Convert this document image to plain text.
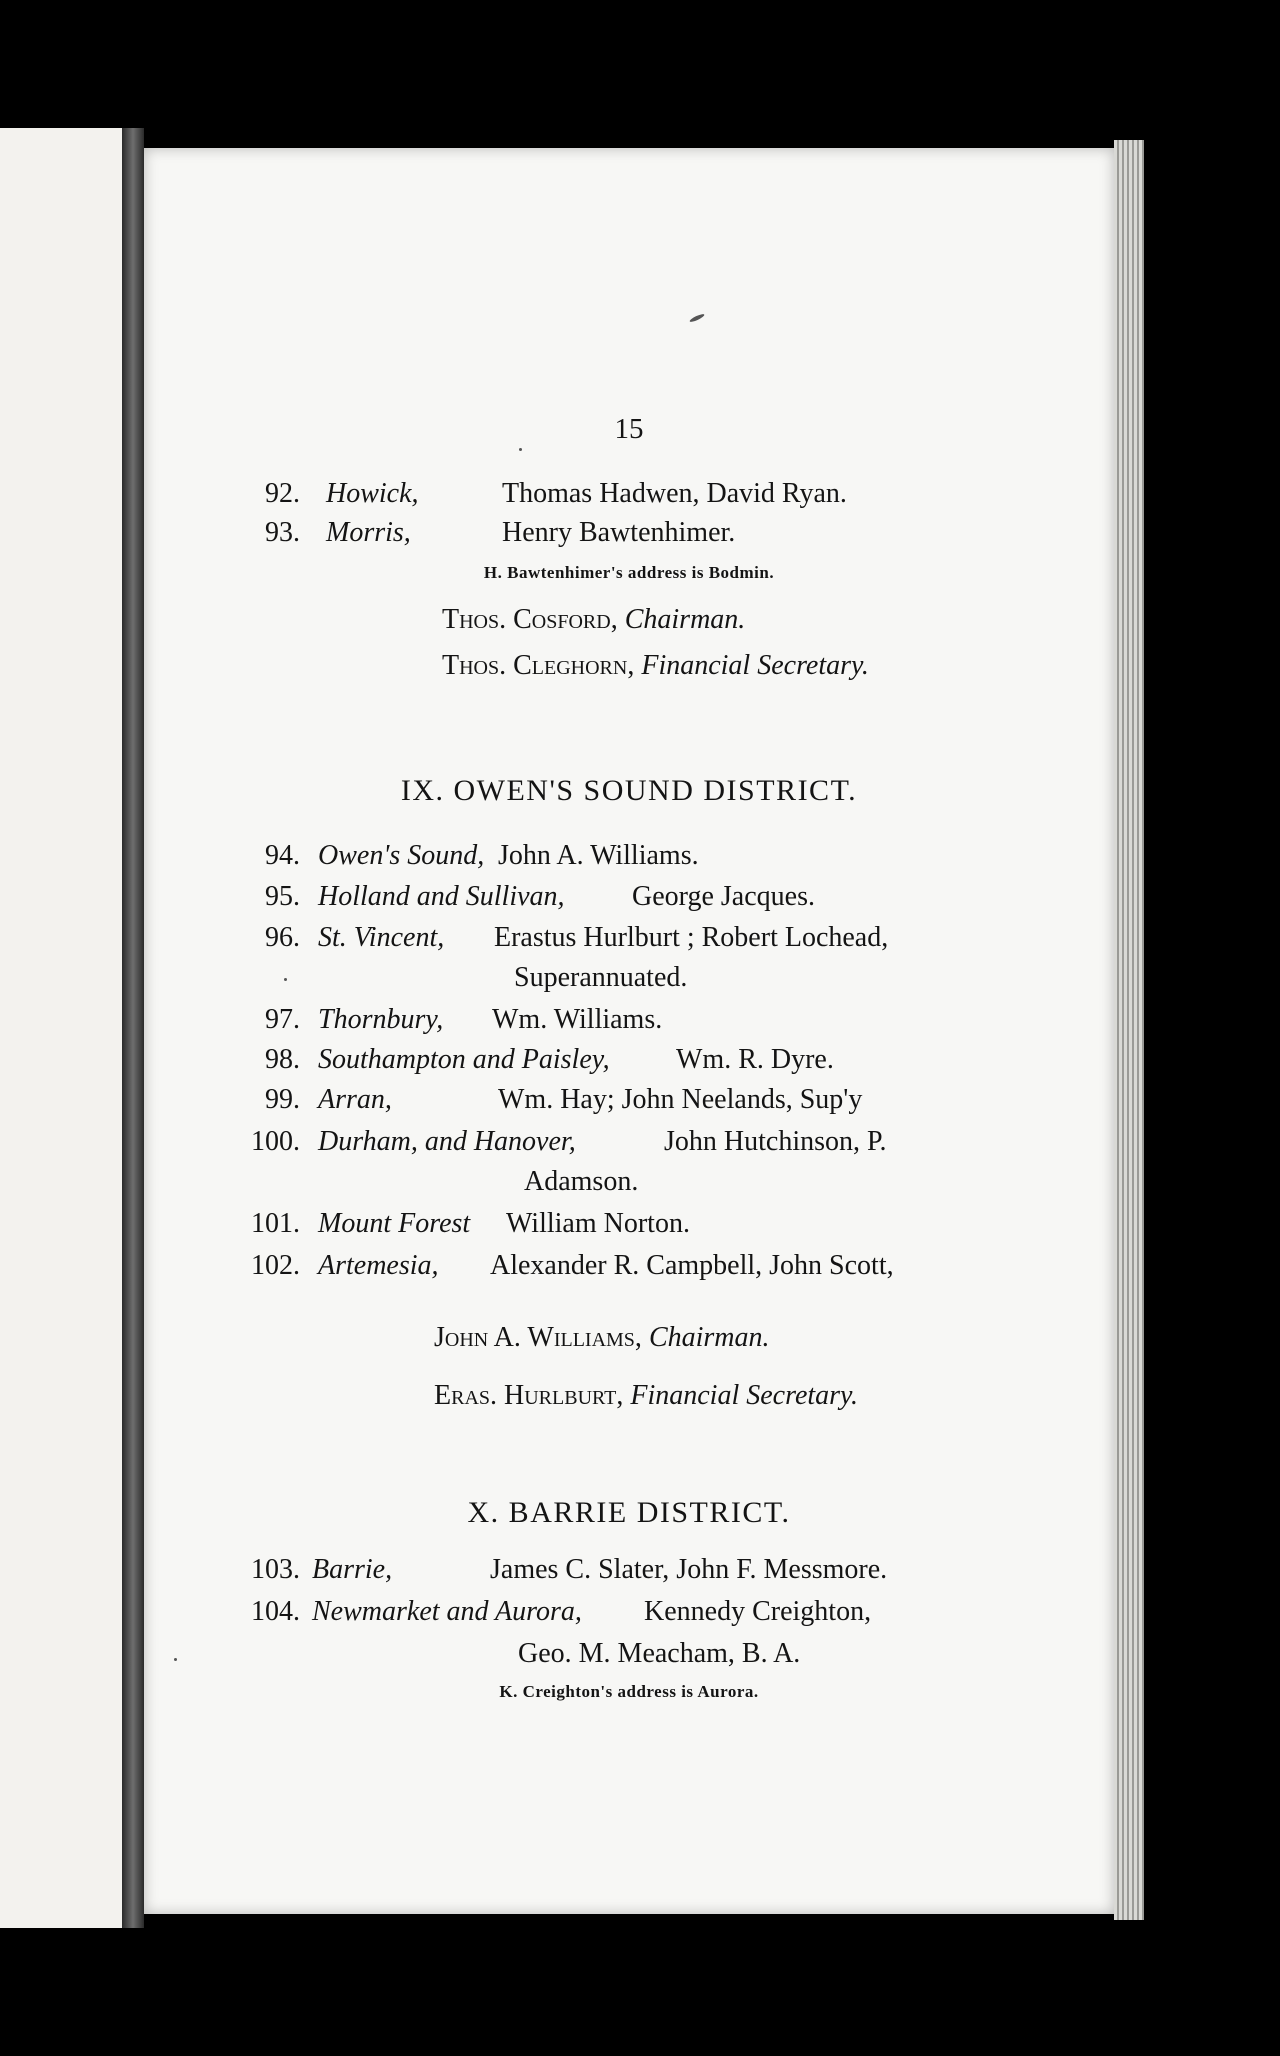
15
92. Howick,	Thomas Hadwen, David Ryan.
93. Morris,	Henry Bawtenhimer.
H. Bawtenhimer's address is Bodmin.
Thos. Cosford, Chairman.
Thos. Cleghorn, Financial Secretary.
IX. OWEN'S SOUND DISTRICT.
94. Owen's Sound, John A. Williams.
95. Holland and Sullivan, George Jacques.
96. St. Vincent, Erastus Hurlburt ; Robert Lochead,
Superannuated.
97. Thornbury, Wm. Williams.
98. Southampton and Paisley, Wm. R. Dyre.
99. Arran,	Wm. Hay; John Neelands, Sup'y
100. Durham, and Hanover,	John Hutchinson, P.
Adamson.
101. Mount Forest William Norton.
102. Artemesia, Alexander R. Campbell, John Scott,
John A. Williams, Chairman.
Eras. Hurlburt, Financial Secretary.
X. BARRIE DISTRICT.
103. Barrie,	James C. Slater, John F. Messmore.
104. Newmarket and Aurora, Kennedy Creighton,
Geo. M. Meacham, B. A.
K. Creighton's address is Aurora.
